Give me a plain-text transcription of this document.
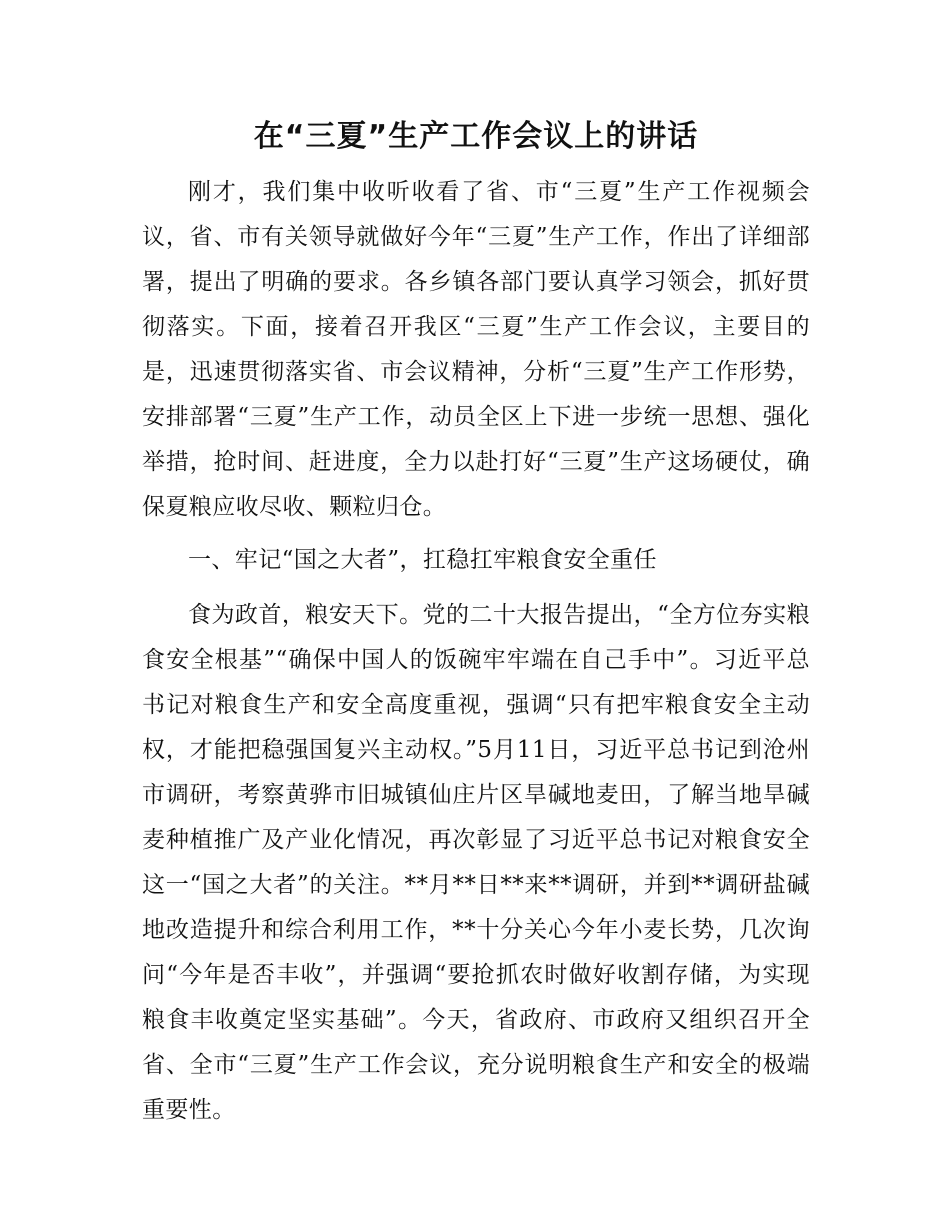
在“三夏”生产工作会议上的讲话

刚才，我们集中收听收看了省、市“三夏”生产工作视频会议，省、市有关领导就做好今年“三夏”生产工作，作出了详细部署，提出了明确的要求。各乡镇各部门要认真学习领会，抓好贯彻落实。下面，接着召开我区“三夏”生产工作会议，主要目的是，迅速贯彻落实省、市会议精神，分析“三夏”生产工作形势，安排部署“三夏”生产工作，动员全区上下进一步统一思想、强化举措，抢时间、赶进度，全力以赴打好“三夏”生产这场硬仗，确保夏粮应收尽收、颗粒归仓。

一、牢记“国之大者”，扛稳扛牢粮食安全重任

食为政首，粮安天下。党的二十大报告提出，“全方位夯实粮食安全根基”“确保中国人的饭碗牢牢端在自己手中”。习近平总书记对粮食生产和安全高度重视，强调“只有把牢粮食安全主动权，才能把稳强国复兴主动权。”5月11日，习近平总书记到沧州市调研，考察黄骅市旧城镇仙庄片区旱碱地麦田，了解当地旱碱麦种植推广及产业化情况，再次彰显了习近平总书记对粮食安全这一“国之大者”的关注。**月**日**来**调研，并到**调研盐碱地改造提升和综合利用工作，**十分关心今年小麦长势，几次询问“今年是否丰收”，并强调“要抢抓农时做好收割存储，为实现粮食丰收奠定坚实基础”。今天，省政府、市政府又组织召开全省、全市“三夏”生产工作会议，充分说明粮食生产和安全的极端重要性。
